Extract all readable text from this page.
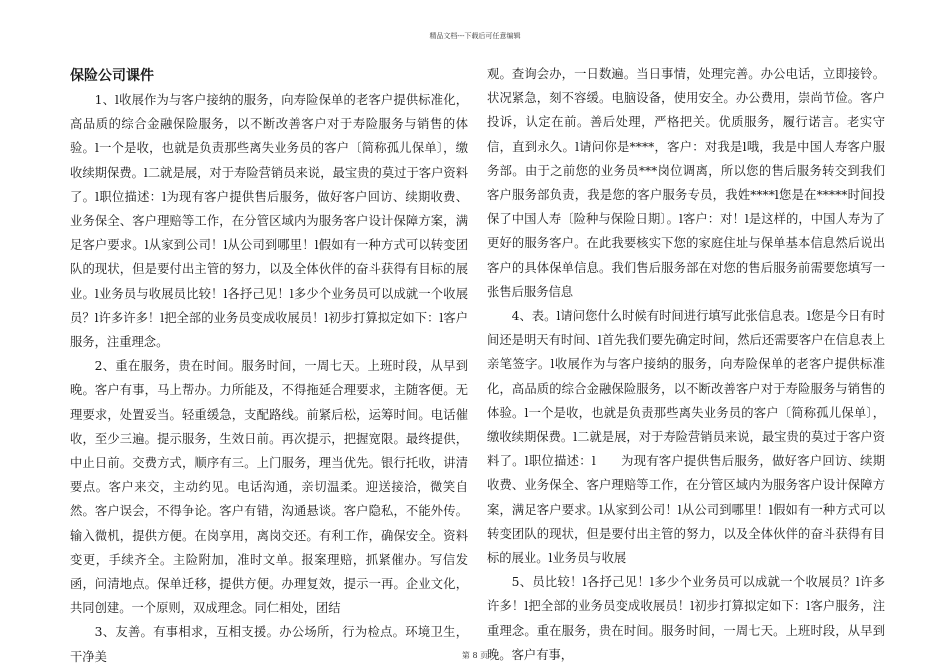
精品文档---下载后可任意编辑
保险公司课件

1、l收展作为与客户接纳的服务，向寿险保单的老客户提供标准化，高品质的综合金融保险服务，以不断改善客户对于寿险服务与销售的体验。l一个是收，也就是负责那些离失业务员的客户〔简称孤儿保单〕，缴收续期保费。l二就是展，对于寿险营销员来说，最宝贵的莫过于客户资料了。l职位描述：l为现有客户提供售后服务，做好客户回访、续期收费、业务保全、客户理赔等工作，在分管区域内为服务客户设计保障方案，满足客户要求。l从家到公司！l从公司到哪里！l假如有一种方式可以转变团队的现状，但是要付出主管的努力，以及全体伙伴的奋斗获得有目标的展业。l业务员与收展员比较！l各抒己见！l多少个业务员可以成就一个收展员？l许多许多！l把全部的业务员变成收展员！l初步打算拟定如下：l客户服务，注重理念。

2、重在服务，贵在时间。服务时间，一周七天。上班时段，从早到晚。客户有事，马上帮办。力所能及，不得拖延合理要求，主随客便。无理要求，处置妥当。轻重缓急，支配路线。前紧后松，运筹时间。电话催收，至少三遍。提示服务，生效日前。再次提示，把握宽限。最终提供，中止日前。交费方式，顺序有三。上门服务，理当优先。银行托收，讲清要点。客户来交，主动约见。电话沟通，亲切温柔。迎送接洽，微笑自然。客户误会，不得争论。客户有错，沟通悬谈。客户隐私，不能外传。输入微机，提供方便。在岗享用，离岗交还。有利工作，确保安全。资料变更，手续齐全。主险附加，准时文单。报案理赔，抓紧催办。写信发函，问清地点。保单迁移，提供方便。办理复效，提示一再。企业文化，共同创建。一个原则，双成理念。同仁相处，团结

3、友善。有事相求，互相支援。办公场所，行为检点。环境卫生，干净美

观。查询会办，一日数遍。当日事情，处理完善。办公电话，立即接铃。状况紧急，刻不容缓。电脑设备，使用安全。办公费用，崇尚节俭。客户投诉，认定在前。善后处理，严格把关。优质服务，履行诺言。老实守信，直到永久。l请问你是****，客户：对我是l哦，我是中国人寿客户服务部。由于之前您的业务员***岗位调离，所以您的售后服务转交到我们客户服务部负责，我是您的客户服务专员，我姓****l您是在*****时间投保了中国人寿〔险种与保险日期〕。l客户：对！l是这样的，中国人寿为了更好的服务客户。在此我要核实下您的家庭住址与保单基本信息然后说出客户的具体保单信息。我们售后服务部在对您的售后服务前需要您填写一张售后服务信息

4、表。l请问您什么时候有时间进行填写此张信息表。l您是今日有时间还是明天有时间、l首先我们要先确定时间，然后还需要客户在信息表上亲笔签字。l收展作为与客户接纳的服务，向寿险保单的老客户提供标准化，高品质的综合金融保险服务，以不断改善客户对于寿险服务与销售的体验。l一个是收，也就是负责那些离失业务员的客户〔简称孤儿保单〕，缴收续期保费。l二就是展，对于寿险营销员来说，最宝贵的莫过于客户资料了。l职位描述：l　　为现有客户提供售后服务，做好客户回访、续期收费、业务保全、客户理赔等工作，在分管区域内为服务客户设计保障方案，满足客户要求。l从家到公司！l从公司到哪里！l假如有一种方式可以转变团队的现状，但是要付出主管的努力，以及全体伙伴的奋斗获得有目标的展业。l业务员与收展

5、员比较！l各抒己见！l多少个业务员可以成就一个收展员？l许多许多！l把全部的业务员变成收展员！l初步打算拟定如下：l客户服务，注重理念。重在服务，贵在时间。服务时间，一周七天。上班时段，从早到晚。客户有事，

第 8 页
